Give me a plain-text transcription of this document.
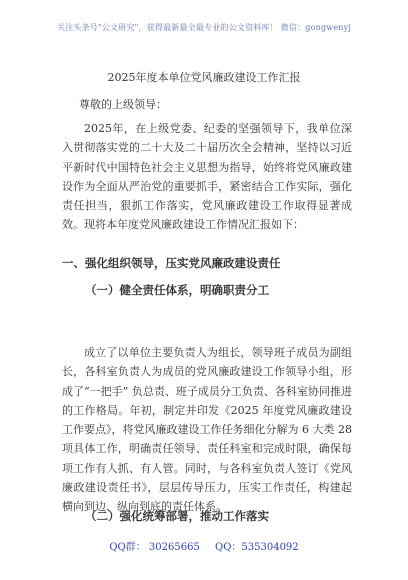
关注头条号"公文研究"，获得最新最全最专业的公文资料库！ 微信：gongwenyj
2025年度本单位党风廉政建设工作汇报
尊敬的上级领导：

2025年，在上级党委、纪委的坚强领导下，我单位深入贯彻落实党的二十大及二十届历次全会精神，坚持以习近平新时代中国特色社会主义思想为指导，始终将党风廉政建设作为全面从严治党的重要抓手，紧密结合工作实际，强化责任担当，狠抓工作落实，党风廉政建设工作取得显著成效。现将本年度党风廉政建设工作情况汇报如下：

一、强化组织领导，压实党风廉政建设责任
（一）健全责任体系，明确职责分工

成立了以单位主要负责人为组长，领导班子成员为副组长，各科室负责人为成员的党风廉政建设工作领导小组，形成了“一把手” 负总责、班子成员分工负责、各科室协同推进的工作格局。年初，制定并印发《2025 年度党风廉政建设工作要点》，将党风廉政建设工作任务细化分解为 6 大类 28 项具体工作，明确责任领导、责任科室和完成时限，确保每项工作有人抓、有人管。同时，与各科室负责人签订《党风廉政建设责任书》，层层传导压力，压实工作责任，构建起横向到边、纵向到底的责任体系。

（二）强化统筹部署，推动工作落实
QQ群： 30265665 QQ：535304092
